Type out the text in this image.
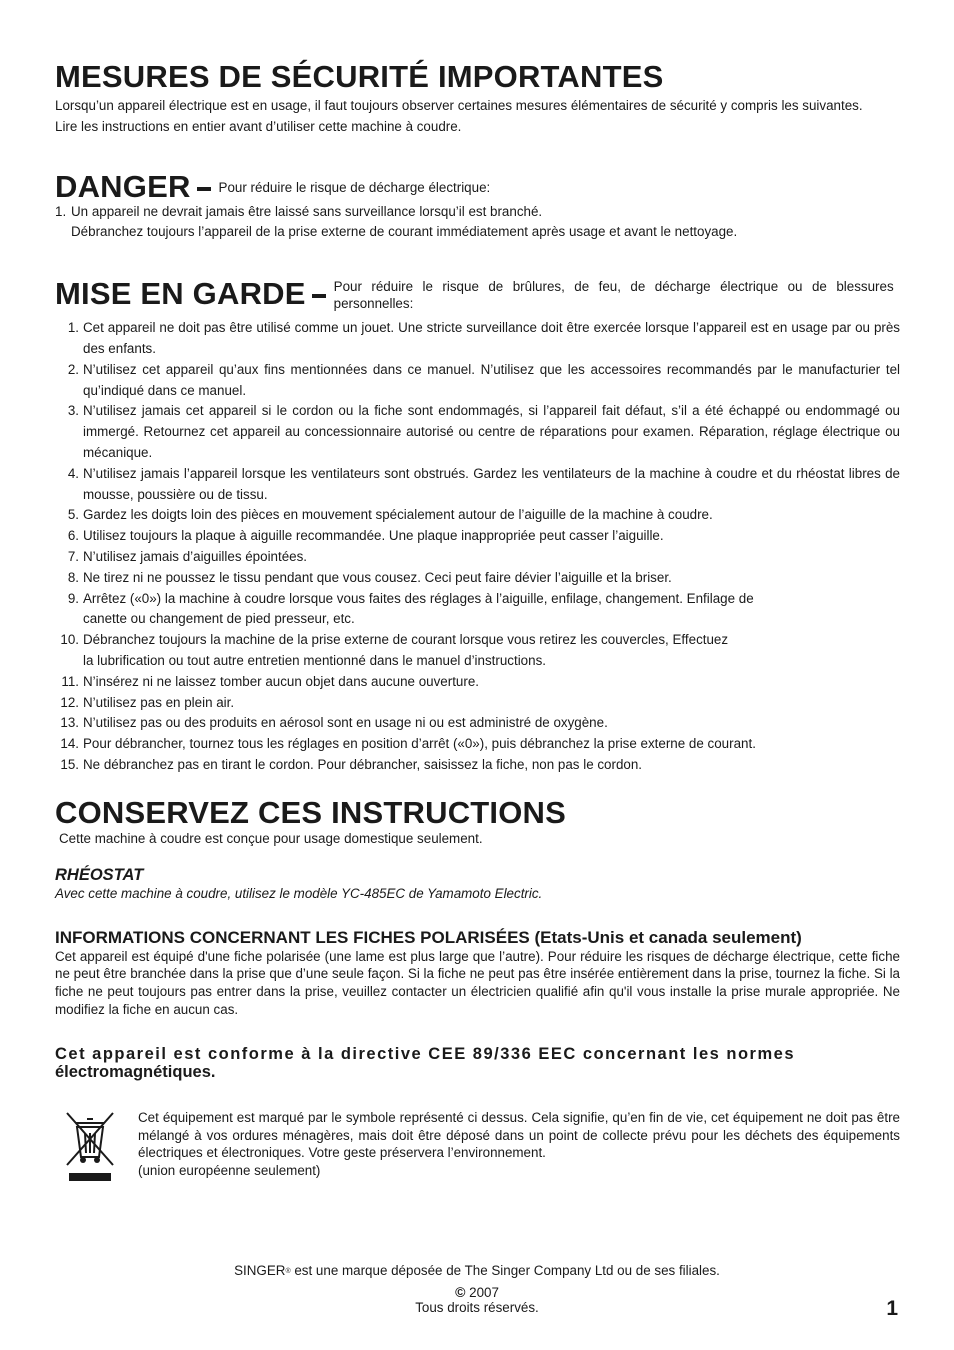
MESURES DE SÉCURITÉ IMPORTANTES

Lorsqu’un appareil électrique est en usage, il faut toujours observer certaines mesures élémentaires de sécurité y compris les suivantes.

Lire les instructions en entier avant d’utiliser cette machine à coudre.

DANGER Pour réduire le risque de décharge électrique:
1. Un appareil ne devrait jamais être laissé sans surveillance lorsqu’il est branché.
Débranchez toujours l’appareil de la prise externe de courant immédiatement après usage et avant le nettoyage.
MISE EN GARDE Pour réduire le risque de brûlures, de feu, de décharge électrique ou de blessures personnelles:
1. Cet appareil ne doit pas être utilisé comme un jouet. Une stricte surveillance doit être exercée lorsque l’appareil est en usage par ou près des enfants.
2. N’utilisez cet appareil qu’aux fins mentionnées dans ce manuel. N’utilisez que les accessoires recommandés par le manufacturier tel qu’indiqué dans ce manuel.
3. N’utilisez jamais cet appareil si le cordon ou la fiche sont endommagés, si l’appareil fait défaut, s’il a été échappé ou endommagé ou immergé. Retournez cet appareil au concessionnaire autorisé ou centre de réparations pour examen. Réparation, réglage électrique ou mécanique.
4. N’utilisez jamais l’appareil lorsque les ventilateurs sont obstrués. Gardez les ventilateurs de la machine à coudre et du rhéostat libres de mousse, poussière ou de tissu.
5. Gardez les doigts loin des pièces en mouvement spécialement autour de l’aiguille de la machine à coudre.
6. Utilisez toujours la plaque à aiguille recommandée. Une plaque inappropriée peut casser l’aiguille.
7. N’utilisez jamais d’aiguilles épointées.
8. Ne tirez ni ne poussez le tissu pendant que vous cousez. Ceci peut faire dévier l’aiguille et la briser.
9. Arrêtez («0») la machine à coudre lorsque vous faites des réglages à l’aiguille, enfilage, changement. Enfilage de canette ou changement de pied presseur, etc.
10. Débranchez toujours la machine de la prise externe de courant lorsque vous retirez les couvercles, Effectuez la lubrification ou tout autre entretien mentionné dans le manuel d’instructions.
11. N’insérez ni ne laissez tomber aucun objet dans aucune ouverture.
12. N’utilisez pas en plein air.
13. N’utilisez pas ou des produits en aérosol sont en usage ni ou est administré de oxygène.
14. Pour débrancher, tournez tous les réglages en position d’arrêt («0»), puis débranchez la prise externe de courant.
15. Ne débranchez pas en tirant le cordon. Pour débrancher, saisissez la fiche, non pas le cordon.
CONSERVEZ CES INSTRUCTIONS

Cette machine à coudre est conçue pour usage domestique seulement.

RHÉOSTAT
Avec cette machine à coudre, utilisez le modèle YC-485EC de Yamamoto Electric.
INFORMATIONS CONCERNANT LES FICHES POLARISÉES (Etats-Unis et canada seulement)

Cet appareil est équipé d'une fiche polarisée (une lame est plus large que l’autre). Pour réduire les risques de décharge électrique, cette fiche ne peut être branchée dans la prise que d’une seule façon. Si la fiche ne peut pas être insérée entièrement dans la prise, tournez la fiche. Si la fiche ne peut toujours pas entrer dans la prise, veuillez contacter un électricien qualifié afin qu'il vous installe la prise murale appropriée. Ne modifiez la fiche en aucun cas.

Cet appareil est conforme à la directive CEE 89/336 EEC concernant les normes
électromagnétiques.

Cet équipement est marqué par le symbole représenté ci dessus. Cela signifie, qu’en fin de vie, cet équipement ne doit pas être mélangé à vos ordures ménagères, mais doit être déposé dans un point de collecte prévu pour les déchets des équipements électriques et électroniques. Votre geste préservera l’environnement.

(union européenne seulement)

SINGER® est une marque déposée de The Singer Company Ltd ou de ses filiales.
© 2007
Tous droits réservés.	1
